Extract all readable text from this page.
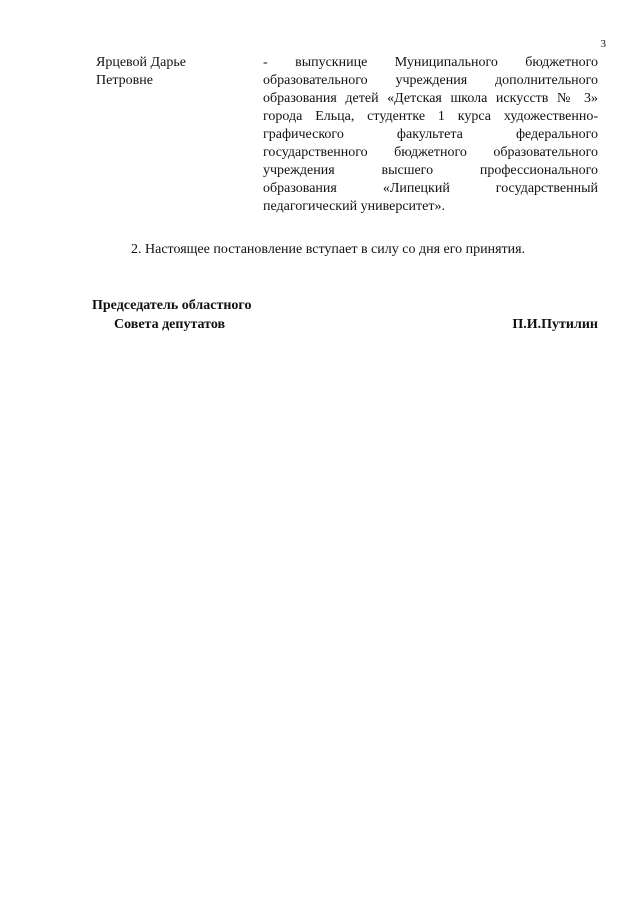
3
Ярцевой Дарье
Петровне
- выпускнице Муниципального бюджетного
образовательного учреждения дополнительного
образования детей «Детская школа искусств № 3»
города Ельца, студентке 1 курса художественно-
графического факультета федерального
государственного бюджетного образовательного
учреждения высшего профессионального
образования «Липецкий государственный
педагогический университет».
2. Настоящее постановление вступает в силу со дня его принятия.
Председатель областного
Совета депутатов	П.И.Путилин
